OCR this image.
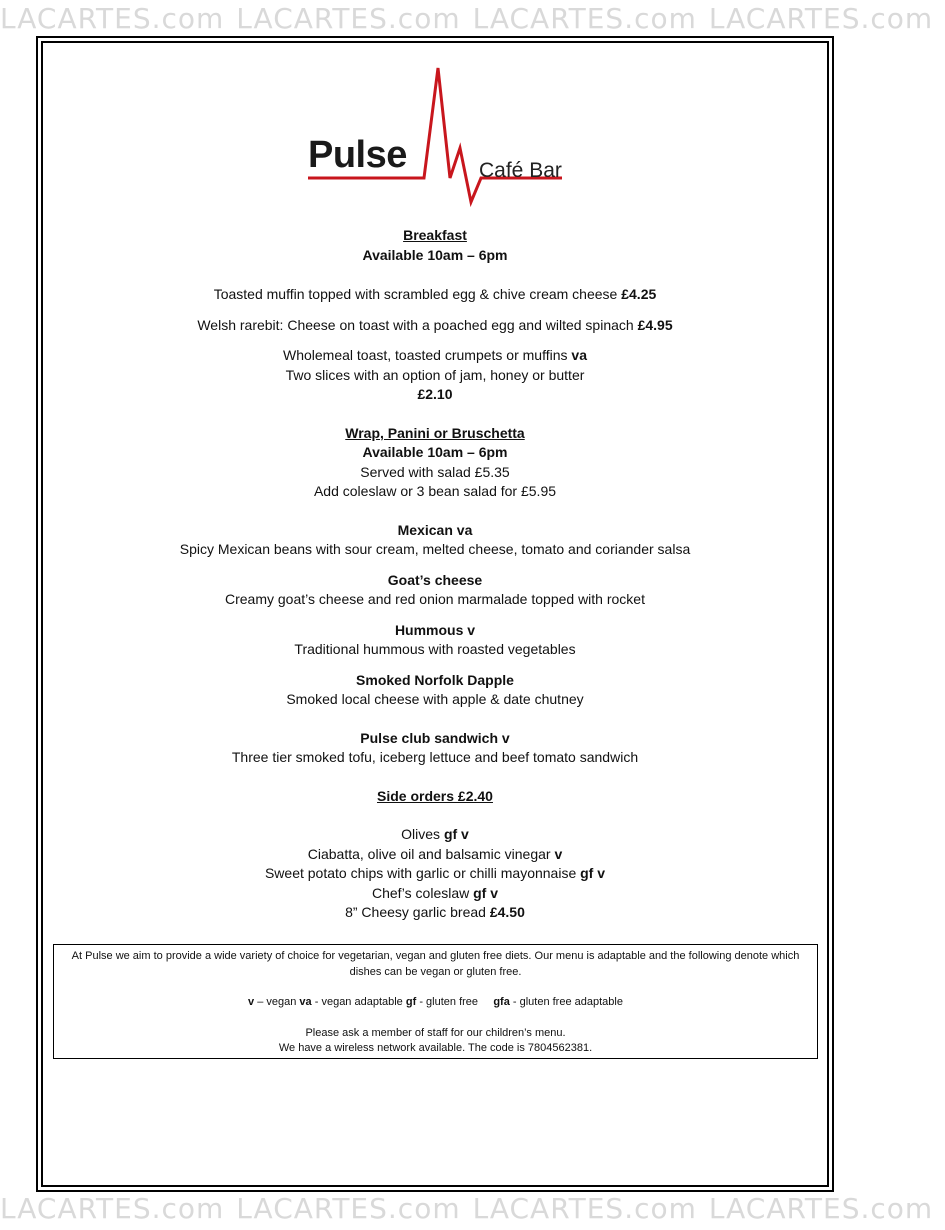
LACARTES.com LACARTES.com LACARTES.com LACARTES.com
Pulse	Café Bar

Breakfast

Available 10am – 6pm

Toasted muffin topped with scrambled egg & chive cream cheese £4.25

Welsh rarebit: Cheese on toast with a poached egg and wilted spinach £4.95

Wholemeal toast, toasted crumpets or muffins va

Two slices with an option of jam, honey or butter

£2.10

Wrap, Panini or Bruschetta

Available 10am – 6pm

Served with salad £5.35

Add coleslaw or 3 bean salad for £5.95

Mexican va

Spicy Mexican beans with sour cream, melted cheese, tomato and coriander salsa

Goat’s cheese

Creamy goat’s cheese and red onion marmalade topped with rocket

Hummous v

Traditional hummous with roasted vegetables

Smoked Norfolk Dapple

Smoked local cheese with apple & date chutney

Pulse club sandwich v

Three tier smoked tofu, iceberg lettuce and beef tomato sandwich

Side orders £2.40

Olives gf v

Ciabatta, olive oil and balsamic vinegar v

Sweet potato chips with garlic or chilli mayonnaise gf v

Chef’s coleslaw gf v

8” Cheesy garlic bread £4.50

At Pulse we aim to provide a wide variety of choice for vegetarian, vegan and gluten free diets. Our menu is adaptable and the following denote which dishes can be vegan or gluten free.

v – vegan va - vegan adaptable gf - gluten free gfa - gluten free adaptable

Please ask a member of staff for our children’s menu.

We have a wireless network available. The code is 7804562381.

LACARTES.com LACARTES.com LACARTES.com LACARTES.com
